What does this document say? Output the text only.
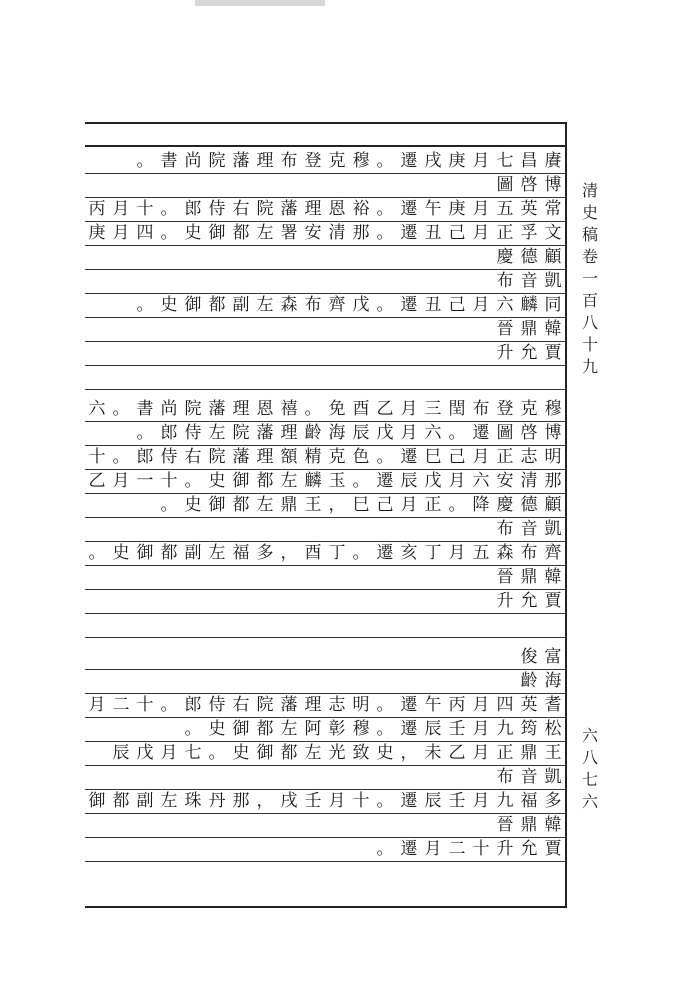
賡
昌
七
月
庚
戌
遷
。
穆
克
登
布
理
藩
院
尚
書
。
博
啓
圖
常
英
五
月
庚
午
遷
。
裕
恩
理
藩
院
右
侍
郎
。
十
月
丙
文
孚
正
月
己
丑
遷
。
那
清
安
署
左
都
御
史
。
四
月
庚
顧
德
慶
凱
音
布
同
麟
六
月
己
丑
遷
。
戊
齊
布
森
左
副
都
御
史
。
韓
鼎
晉
賈
允
升
穆
克
登
布
閏
三
月
乙
酉
免
。
禧
恩
理
藩
院
尚
書
。
六
博
啓
圖
遷
。
六
月
戊
辰
海
齡
理
藩
院
左
侍
郎
。
明
志
正
月
己
巳
遷
。
色
克
精
額
理
藩
院
右
侍
郎
。
十
那
清
安
六
月
戊
辰
遷
。
玉
麟
左
都
御
史
。
十
一
月
乙
顧
德
慶
降
。
正
月
己
巳
，
王
鼎
左
都
御
史
。
凱
音
布
齊
布
森
五
月
丁
亥
遷
。
丁
酉
，
多
福
左
副
都
御
史
。
韓
鼎
晉
賈
允
升
富
俊
海
齡
耆
英
四
月
丙
午
遷
。
明
志
理
藩
院
右
侍
郎
。
十
二
月
松
筠
九
月
壬
辰
遷
。
穆
彰
阿
左
都
御
史
。
王
鼎
正
月
乙
未
，
史
致
光
左
都
御
史
。
七
月
戊
辰
凱
音
布
多
福
九
月
壬
辰
遷
。
十
月
壬
戌
，
那
丹
珠
左
副
都
御
韓
鼎
晉
賈
允
升
十
二
月
遷
。
清
史
稿
卷
一
百
八
十
九
六
八
七
六
